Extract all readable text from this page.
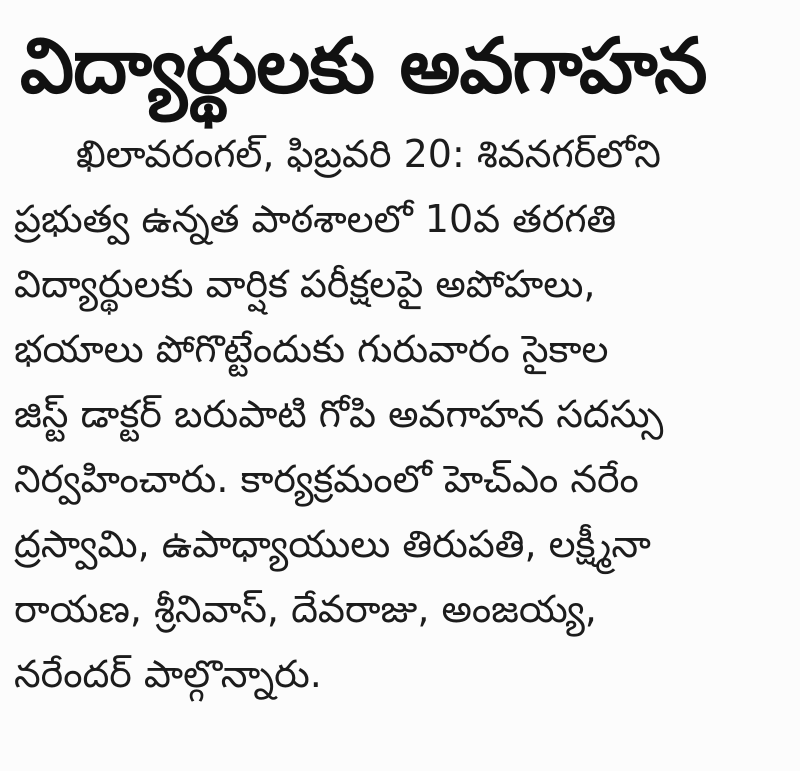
విద్యార్థులకు అవగాహన
ఖిలావరంగల్, ఫిబ్రవరి 20: శివనగర్‌లోని
ప్రభుత్వ ఉన్నత పాఠశాలలో 10వ తరగతి
విద్యార్థులకు వార్షిక పరీక్షలపై అపోహలు,
భయాలు పోగొట్టేందుకు గురువారం సైకాల
జిస్ట్ డాక్టర్ బరుపాటి గోపి అవగాహన సదస్సు
నిర్వహించారు. కార్యక్రమంలో హెచ్‌ఎం నరేం
ద్రస్వామి, ఉపాధ్యాయులు తిరుపతి, లక్ష్మీనా
రాయణ, శ్రీనివాస్, దేవరాజు, అంజయ్య,
నరేందర్ పాల్గొన్నారు.
